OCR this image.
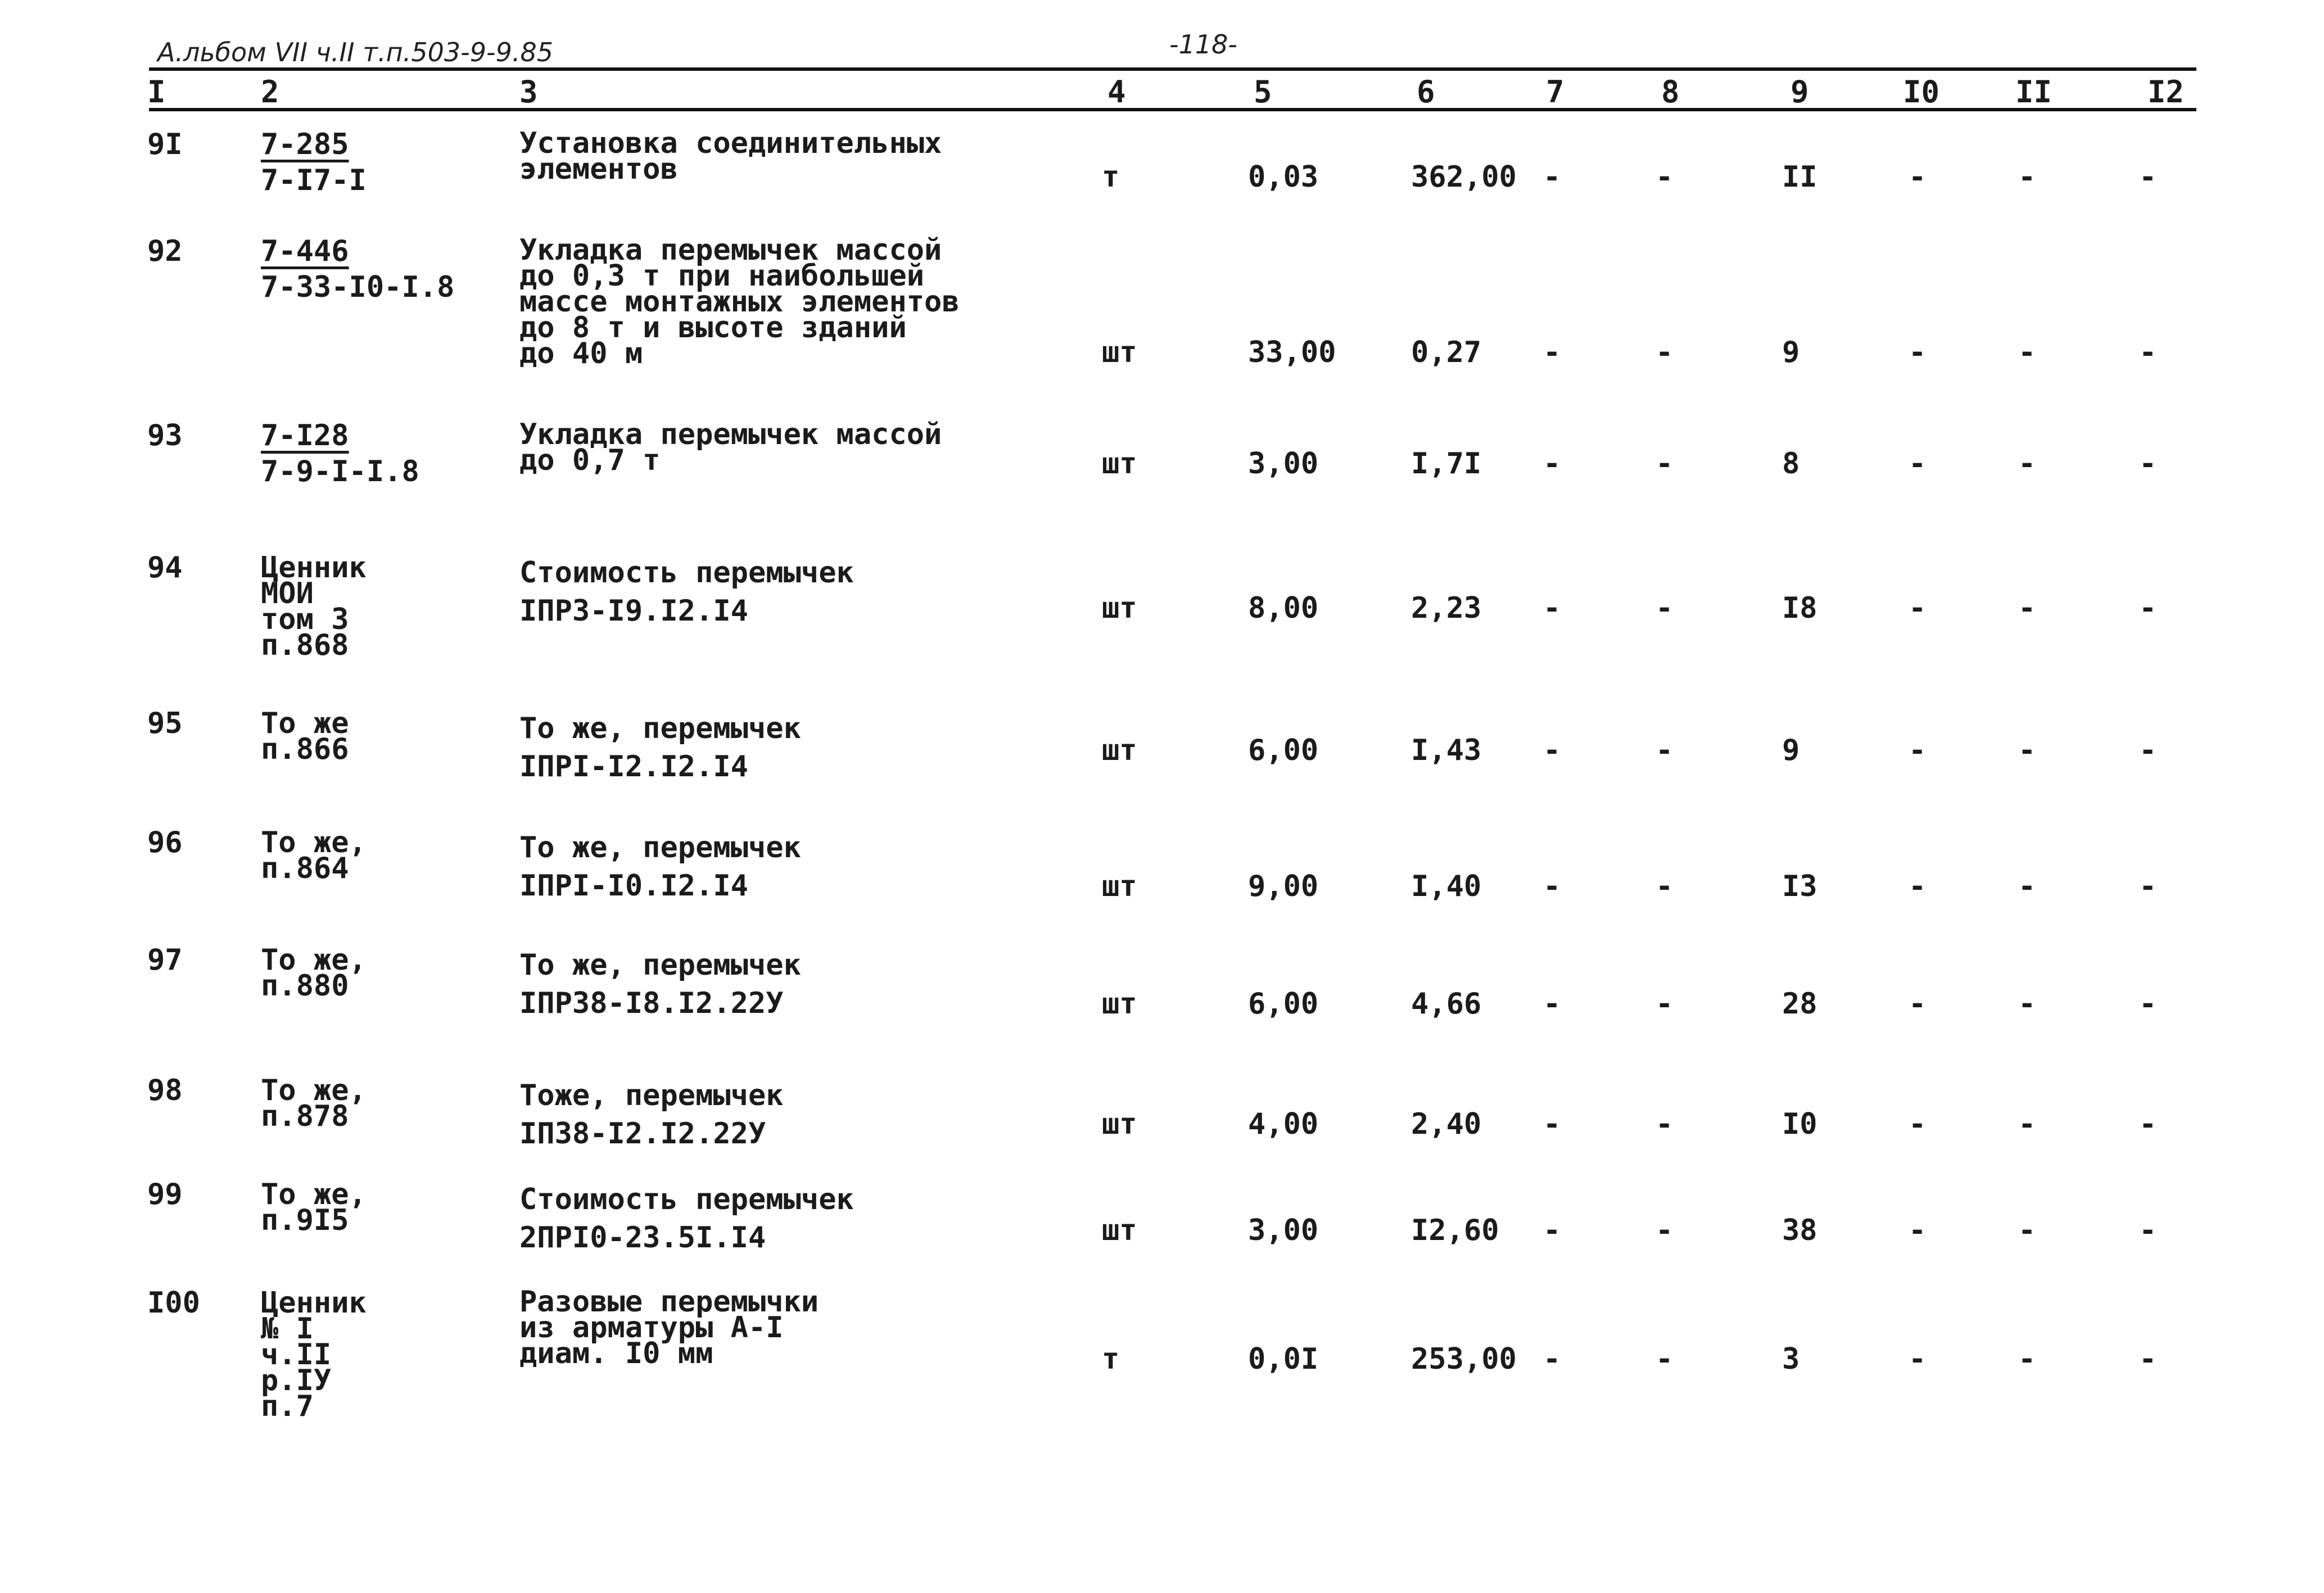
А.льбом VII ч.II т.п.503-9-9.85	-118-
I	2	3	4	5	6	7	8	9	I0 II	I2
9I	7-285
7-I7-I
Установка соединительных
элементов	т	0,03	362,00 -	-	II	-	-	-
92	7-446
7-33-I0-I.8
Укладка перемычек массой
до 0,3 т при наибольшей
массе монтажных элементов
до 8 т и высоте зданий
до 40 м	шт	33,00	0,27 -	-	9	-	-	-
93	7-I28
7-9-I-I.8
Укладка перемычек массой
до 0,7 т	шт	3,00	I,7I -	-	8	-	-	-
94	Ценник
МОИ
том 3
п.868
Стоимость перемычек
IПР3-I9.I2.I4	шт	8,00	2,23 -	-	I8	-	-	-
95	То же
п.866
То же, перемычек
IПРI-I2.I2.I4	шт	6,00	I,43 -	-	9	-	-	-
96	То же,
п.864
То же, перемычек
IПРI-I0.I2.I4	шт	9,00	I,40 -	-	I3	-	-	-
97	То же,
п.880
То же, перемычек
IПР38-I8.I2.22У	шт	6,00	4,66 -	-	28	-	-	-
98	То же,
п.878
Тоже, перемычек
IП38-I2.I2.22У	шт	4,00	2,40 -	-	I0	-	-	-
99	То же,
п.9I5
Стоимость перемычек
2ПРI0-23.5I.I4	шт	3,00	I2,60 -	-	38	-	-	-
I00 Ценник
№ I
ч.II
р.IУ
п.7
Разовые перемычки
из арматуры А-I
диам. I0 мм	т	0,0I	253,00 -	-	3	-	-	-
